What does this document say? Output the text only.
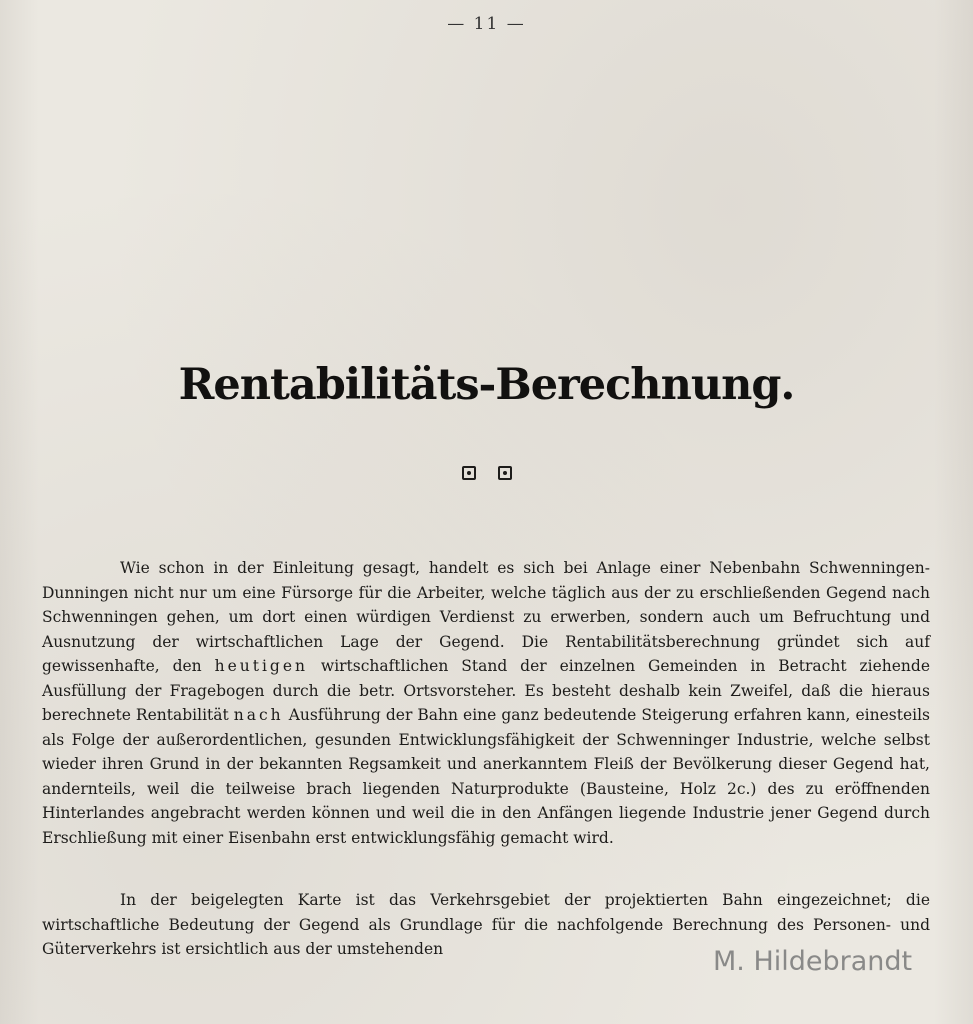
— 11 —
Rentabilitäts-Berechnung.

Wie schon in der Einleitung gesagt, handelt es sich bei Anlage einer Nebenbahn Schwenningen-Dunningen nicht nur um eine Fürsorge für die Arbeiter, welche täglich aus der zu erschließenden Gegend nach Schwenningen gehen, um dort einen würdigen Verdienst zu erwerben, sondern auch um Befruchtung und Ausnutzung der wirtschaftlichen Lage der Gegend. Die Rentabilitätsberechnung gründet sich auf gewissenhafte, den heutigen wirtschaftlichen Stand der einzelnen Gemeinden in Betracht ziehende Ausfüllung der Fragebogen durch die betr. Ortsvorsteher. Es besteht deshalb kein Zweifel, daß die hieraus berechnete Rentabilität nach Ausführung der Bahn eine ganz bedeutende Steigerung erfahren kann, einesteils als Folge der außerordentlichen, gesunden Entwicklungsfähigkeit der Schwenninger Industrie, welche selbst wieder ihren Grund in der bekannten Regsamkeit und anerkanntem Fleiß der Bevölkerung dieser Gegend hat, andernteils, weil die teilweise brach liegenden Naturprodukte (Bausteine, Holz 2c.) des zu eröffnenden Hinterlandes angebracht werden können und weil die in den Anfängen liegende Industrie jener Gegend durch Erschließung mit einer Eisenbahn erst entwicklungsfähig gemacht wird.

In der beigelegten Karte ist das Verkehrsgebiet der projektierten Bahn eingezeichnet; die wirtschaftliche Bedeutung der Gegend als Grundlage für die nachfolgende Berechnung des Personen- und Güterverkehrs ist ersichtlich aus der umstehenden	M. Hildebrandt
